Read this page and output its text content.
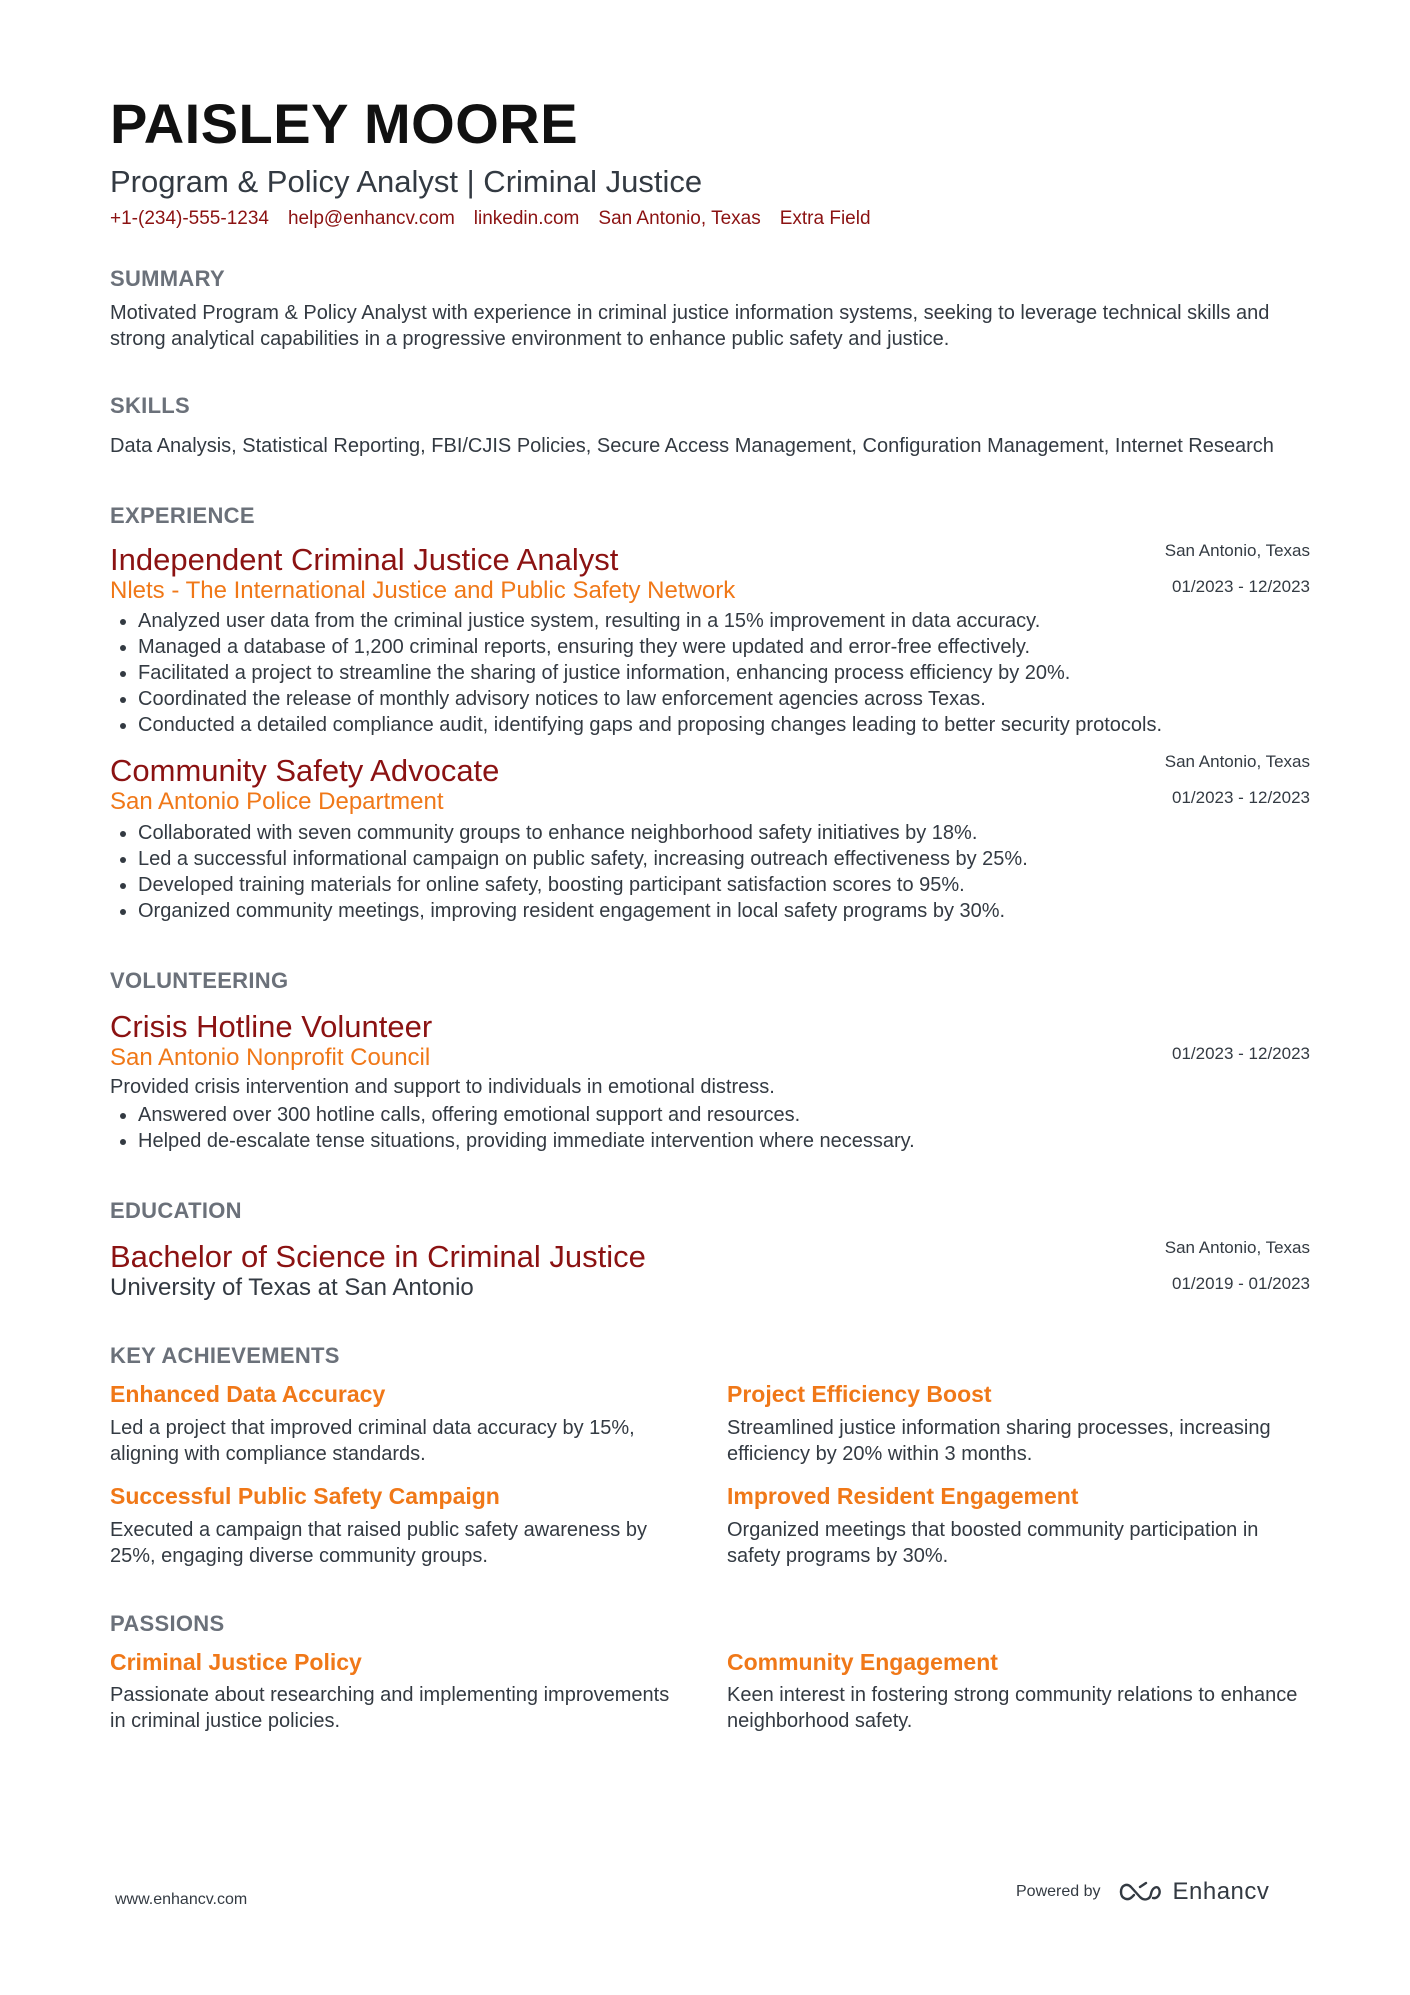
PAISLEY MOORE
Program & Policy Analyst | Criminal Justice
+1-(234)-555-1234 help@enhancv.com linkedin.com San Antonio, Texas Extra Field
SUMMARY
Motivated Program & Policy Analyst with experience in criminal justice information systems, seeking to leverage technical skills and strong analytical capabilities in a progressive environment to enhance public safety and justice.
SKILLS
Data Analysis, Statistical Reporting, FBI/CJIS Policies, Secure Access Management, Configuration Management, Internet Research
EXPERIENCE
San Antonio, Texas
01/2023 - 12/2023
Independent Criminal Justice Analyst
Nlets - The International Justice and Public Safety Network
• Analyzed user data from the criminal justice system, resulting in a 15% improvement in data accuracy.
• Managed a database of 1,200 criminal reports, ensuring they were updated and error-free effectively.
• Facilitated a project to streamline the sharing of justice information, enhancing process efficiency by 20%.
• Coordinated the release of monthly advisory notices to law enforcement agencies across Texas.
• Conducted a detailed compliance audit, identifying gaps and proposing changes leading to better security protocols.
San Antonio, Texas
01/2023 - 12/2023
Community Safety Advocate
San Antonio Police Department
• Collaborated with seven community groups to enhance neighborhood safety initiatives by 18%.
• Led a successful informational campaign on public safety, increasing outreach effectiveness by 25%.
• Developed training materials for online safety, boosting participant satisfaction scores to 95%.
• Organized community meetings, improving resident engagement in local safety programs by 30%.
VOLUNTEERING
01/2023 - 12/2023
Crisis Hotline Volunteer
San Antonio Nonprofit Council
Provided crisis intervention and support to individuals in emotional distress.
• Answered over 300 hotline calls, offering emotional support and resources.
• Helped de-escalate tense situations, providing immediate intervention where necessary.
EDUCATION
San Antonio, Texas
01/2019 - 01/2023
Bachelor of Science in Criminal Justice
University of Texas at San Antonio
KEY ACHIEVEMENTS
Enhanced Data Accuracy
Led a project that improved criminal data accuracy by 15%, aligning with compliance standards.
Project Efficiency Boost
Streamlined justice information sharing processes, increasing efficiency by 20% within 3 months.
Successful Public Safety Campaign
Executed a campaign that raised public safety awareness by 25%, engaging diverse community groups.
Improved Resident Engagement
Organized meetings that boosted community participation in safety programs by 30%.
PASSIONS
Criminal Justice Policy
Passionate about researching and implementing improvements in criminal justice policies.
Community Engagement
Keen interest in fostering strong community relations to enhance neighborhood safety.
www.enhancv.com	Powered by	Enhancv
